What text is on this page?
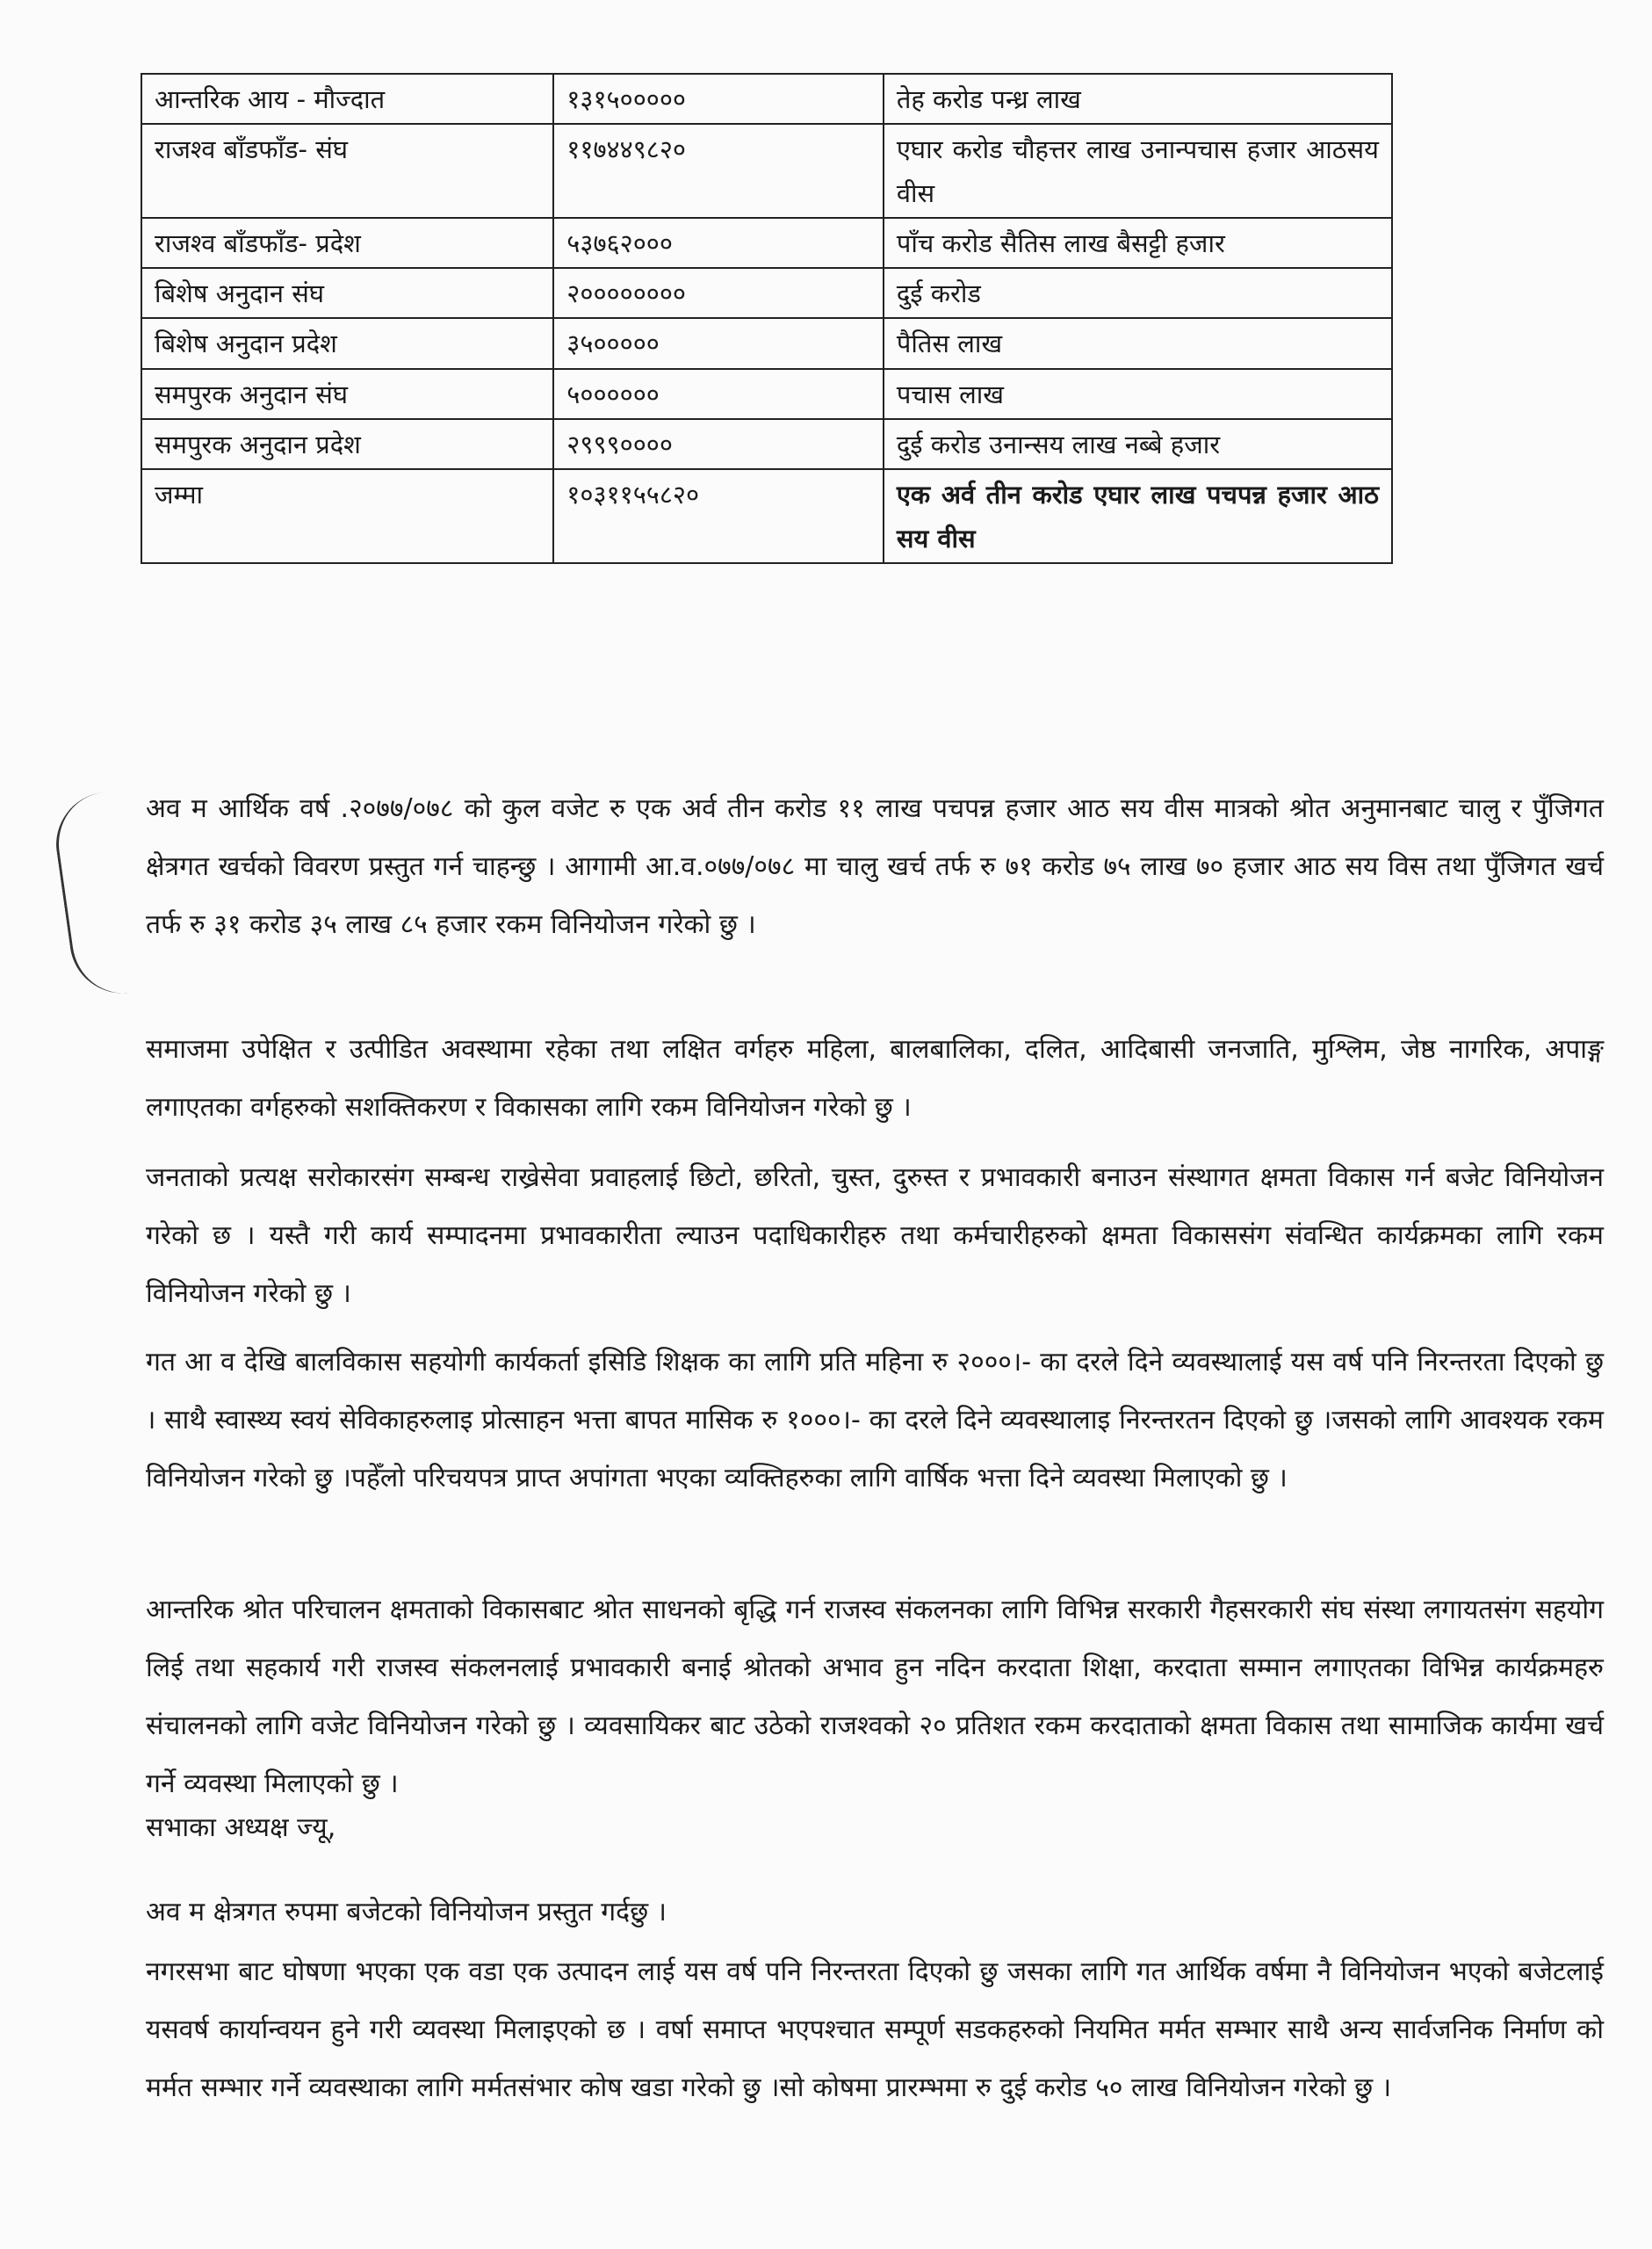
आन्तरिक आय - मौज्दात	१३१५०००००	तेह करोड पन्ध्र लाख
राजश्व बाँडफाँड- संघ	११७४४९८२०	एघार करोड चौहत्तर लाख उनान्पचास हजार आठसय वीस
राजश्व बाँडफाँड- प्रदेश	५३७६२०००	पाँच करोड सैतिस लाख बैसट्टी हजार
बिशेष अनुदान संघ	२००००००००	दुई करोड
बिशेष अनुदान प्रदेश	३५०००००	पैतिस लाख
समपुरक अनुदान संघ	५००००००	पचास लाख
समपुरक अनुदान प्रदेश	२९९९००००	दुई करोड उनान्सय लाख नब्बे हजार
जम्मा	१०३११५५८२०	एक अर्व तीन करोड एघार लाख पचपन्न हजार आठ सय वीस
अव म आर्थिक वर्ष .२०७७/०७८ को कुल वजेट रु एक अर्व तीन करोड ११ लाख पचपन्न हजार आठ सय वीस मात्रको श्रोत अनुमानबाट चालु र पुँजिगत क्षेत्रगत खर्चको विवरण प्रस्तुत गर्न चाहन्छु । आगामी आ.व.०७७/०७८ मा चालु खर्च तर्फ रु ७१ करोड ७५ लाख ७० हजार आठ सय विस तथा पुँजिगत खर्च तर्फ रु ३१ करोड ३५ लाख ८५ हजार रकम विनियोजन गरेको छु ।
समाजमा उपेक्षित र उत्पीडित अवस्थामा रहेका तथा लक्षित वर्गहरु महिला, बालबालिका, दलित, आदिबासी जनजाति, मुश्लिम, जेष्ठ नागरिक, अपाङ्ग लगाएतका वर्गहरुको सशक्तिकरण र विकासका लागि रकम विनियोजन गरेको छु ।
जनताको प्रत्यक्ष सरोकारसंग सम्बन्ध राख्रेसेवा प्रवाहलाई छिटो, छरितो, चुस्त, दुरुस्त र प्रभावकारी बनाउन संस्थागत क्षमता विकास गर्न बजेट विनियोजन गरेको छ । यस्तै गरी कार्य सम्पादनमा प्रभावकारीता ल्याउन पदाधिकारीहरु तथा कर्मचारीहरुको क्षमता विकाससंग संवन्धित कार्यक्रमका लागि रकम विनियोजन गरेको छु ।
गत आ व देखि बालविकास सहयोगी कार्यकर्ता इसिडि शिक्षक का लागि प्रति महिना रु २०००।- का दरले दिने व्यवस्थालाई यस वर्ष पनि निरन्तरता दिएको छु । साथै स्वास्थ्य स्वयं सेविकाहरुलाइ प्रोत्साहन भत्ता बापत मासिक रु १०००।- का दरले दिने व्यवस्थालाइ निरन्तरतन दिएको छु ।जसको लागि आवश्यक रकम विनियोजन गरेको छु ।पहेँलो परिचयपत्र प्राप्त अपांगता भएका व्यक्तिहरुका लागि वार्षिक भत्ता दिने व्यवस्था मिलाएको छु ।
आन्तरिक श्रोत परिचालन क्षमताको विकासबाट श्रोत साधनको बृद्धि गर्न राजस्व संकलनका लागि विभिन्न सरकारी गैहसरकारी संघ संस्था लगायतसंग सहयोग लिई तथा सहकार्य गरी राजस्व संकलनलाई प्रभावकारी बनाई श्रोतको अभाव हुन नदिन करदाता शिक्षा, करदाता सम्मान लगाएतका विभिन्न कार्यक्रमहरु संचालनको लागि वजेट विनियोजन गरेको छु । व्यवसायिकर बाट उठेको राजश्वको २० प्रतिशत रकम करदाताको क्षमता विकास तथा सामाजिक कार्यमा खर्च गर्ने व्यवस्था मिलाएको छु ।
सभाका अध्यक्ष ज्यू,
अव म क्षेत्रगत रुपमा बजेटको विनियोजन प्रस्तुत गर्दछु ।
नगरसभा बाट घोषणा भएका एक वडा एक उत्पादन लाई यस वर्ष पनि निरन्तरता दिएको छु जसका लागि गत आर्थिक वर्षमा नै विनियोजन भएको बजेटलाई यसवर्ष कार्यान्वयन हुने गरी व्यवस्था मिलाइएको छ । वर्षा समाप्त भएपश्चात सम्पूर्ण सडकहरुको नियमित मर्मत सम्भार साथै अन्य सार्वजनिक निर्माण को मर्मत सम्भार गर्ने व्यवस्थाका लागि मर्मतसंभार कोष खडा गरेको छु ।सो कोषमा प्रारम्भमा रु दुई करोड ५० लाख विनियोजन गरेको छु ।
